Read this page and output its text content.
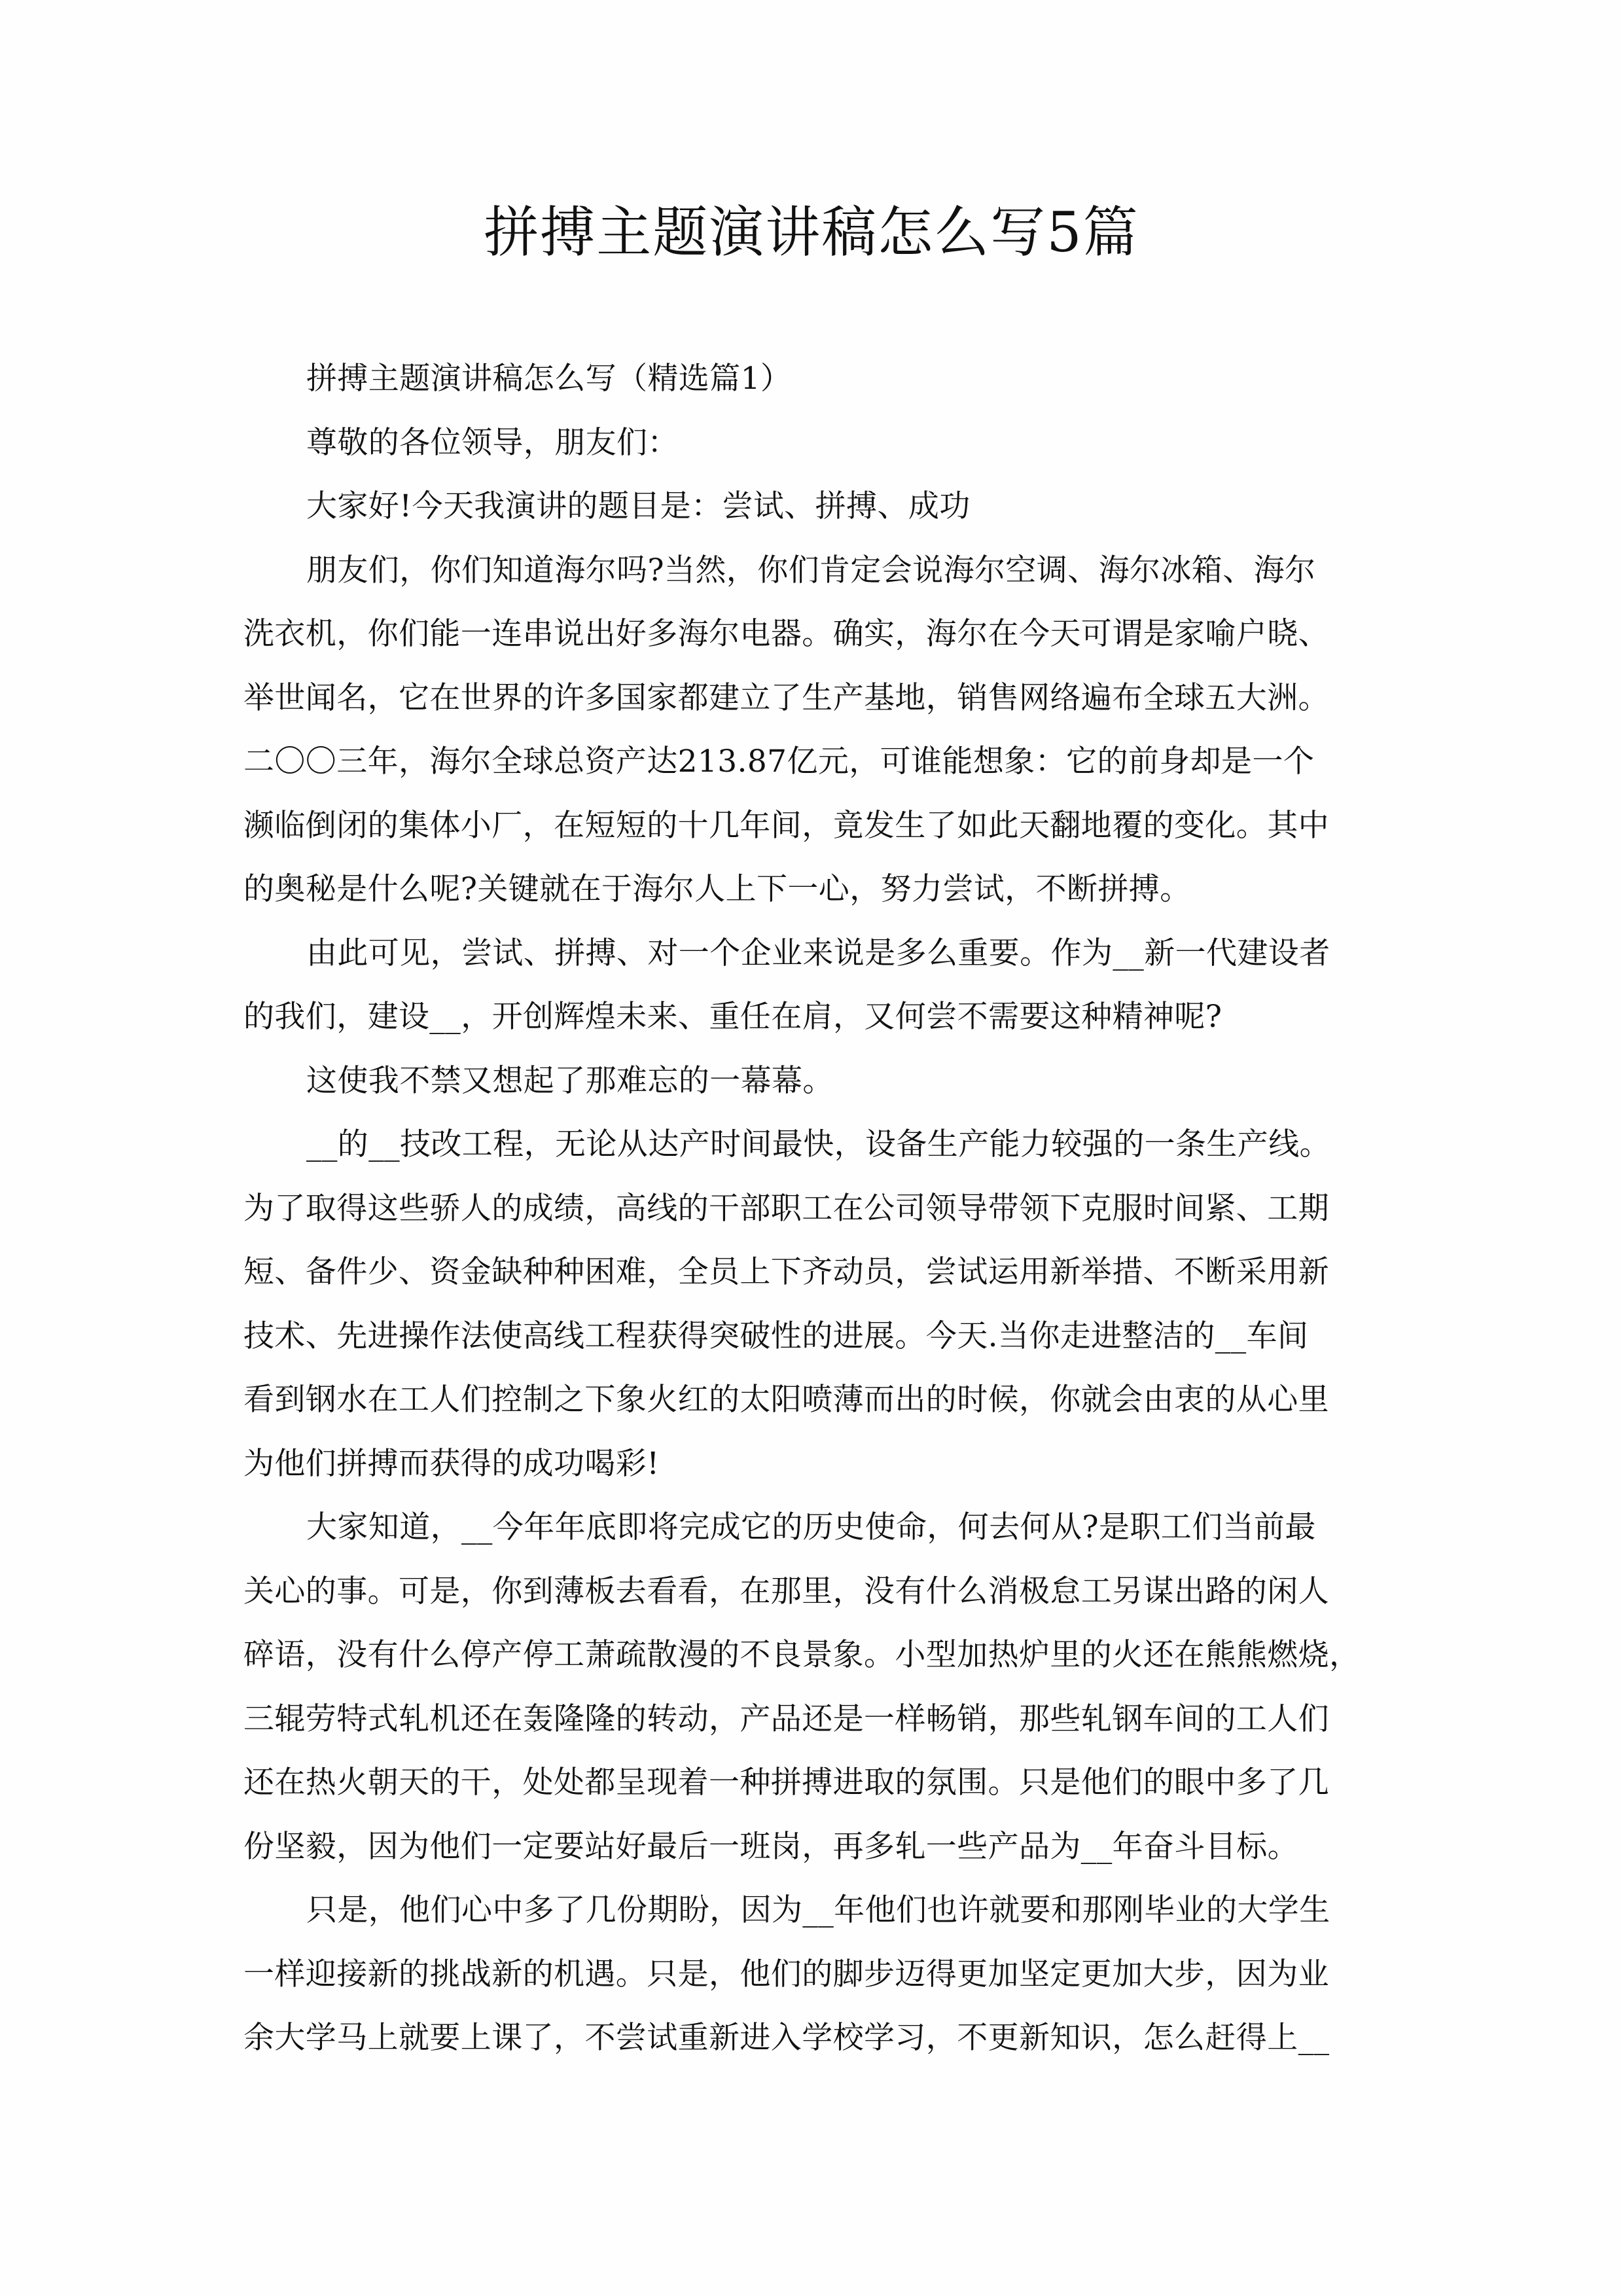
拼搏主题演讲稿怎么写5篇
拼搏主题演讲稿怎么写（精选篇1）
尊敬的各位领导，朋友们：
大家好!今天我演讲的题目是：尝试、拼搏、成功
朋友们，你们知道海尔吗?当然，你们肯定会说海尔空调、海尔冰箱、海尔
洗衣机，你们能一连串说出好多海尔电器。确实，海尔在今天可谓是家喻户晓、
举世闻名，它在世界的许多国家都建立了生产基地，销售网络遍布全球五大洲。
二〇〇三年，海尔全球总资产达213.87亿元，可谁能想象：它的前身却是一个
濒临倒闭的集体小厂，在短短的十几年间，竟发生了如此天翻地覆的变化。其中
的奥秘是什么呢?关键就在于海尔人上下一心，努力尝试，不断拼搏。
由此可见，尝试、拼搏、对一个企业来说是多么重要。作为__新一代建设者
的我们，建设__，开创辉煌未来、重任在肩，又何尝不需要这种精神呢?
这使我不禁又想起了那难忘的一幕幕。
__的__技改工程，无论从达产时间最快，设备生产能力较强的一条生产线。
为了取得这些骄人的成绩，高线的干部职工在公司领导带领下克服时间紧、工期
短、备件少、资金缺种种困难，全员上下齐动员，尝试运用新举措、不断采用新
技术、先进操作法使高线工程获得突破性的进展。今天.当你走进整洁的__车间
看到钢水在工人们控制之下象火红的太阳喷薄而出的时候，你就会由衷的从心里
为他们拼搏而获得的成功喝彩!
大家知道，__今年年底即将完成它的历史使命，何去何从?是职工们当前最
关心的事。可是，你到薄板去看看，在那里，没有什么消极怠工另谋出路的闲人
碎语，没有什么停产停工萧疏散漫的不良景象。小型加热炉里的火还在熊熊燃烧，
三辊劳特式轧机还在轰隆隆的转动，产品还是一样畅销，那些轧钢车间的工人们
还在热火朝天的干，处处都呈现着一种拼搏进取的氛围。只是他们的眼中多了几
份坚毅，因为他们一定要站好最后一班岗，再多轧一些产品为__年奋斗目标。
只是，他们心中多了几份期盼，因为__年他们也许就要和那刚毕业的大学生
一样迎接新的挑战新的机遇。只是，他们的脚步迈得更加坚定更加大步，因为业
余大学马上就要上课了，不尝试重新进入学校学习，不更新知识，怎么赶得上__
